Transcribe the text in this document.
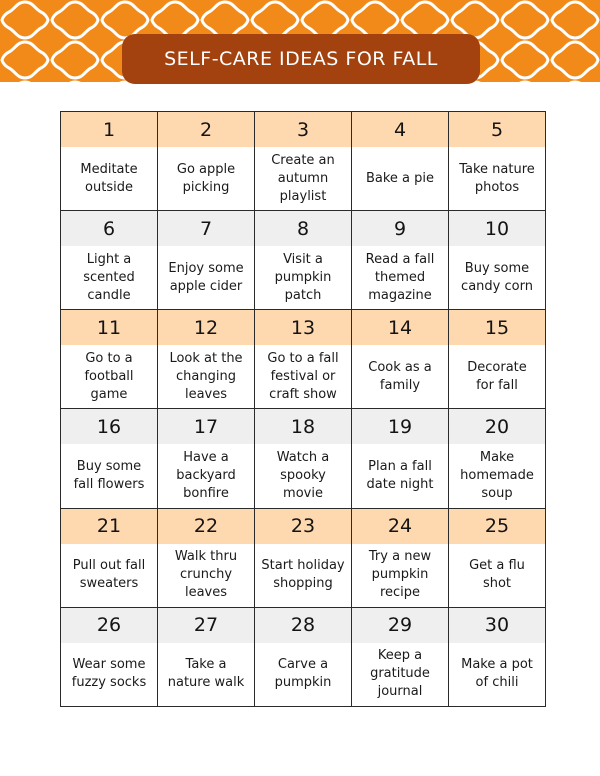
SELF-CARE IDEAS FOR FALL
1
Meditate
outside
2
Go apple
picking
3
Create an
autumn
playlist
4
Bake a pie
5
Take nature
photos
6
Light a
scented
candle
7
Enjoy some
apple cider
8
Visit a
pumpkin
patch
9
Read a fall
themed
magazine
10
Buy some
candy corn
11
Go to a
football
game
12
Look at the
changing
leaves
13
Go to a fall
festival or
craft show
14
Cook as a
family
15
Decorate
for fall
16
Buy some
fall flowers
17
Have a
backyard
bonfire
18
Watch a
spooky movie
19
Plan a fall
date night
20
Make
homemade
soup
21
Pull out fall
sweaters
22
Walk thru
crunchy
leaves
23
Start holiday
shopping
24
Try a new
pumpkin
recipe
25
Get a flu
shot
26
Wear some
fuzzy socks
27
Take a
nature walk
28
Carve a
pumpkin
29
Keep a
gratitude
journal
30
Make a pot
of chili
